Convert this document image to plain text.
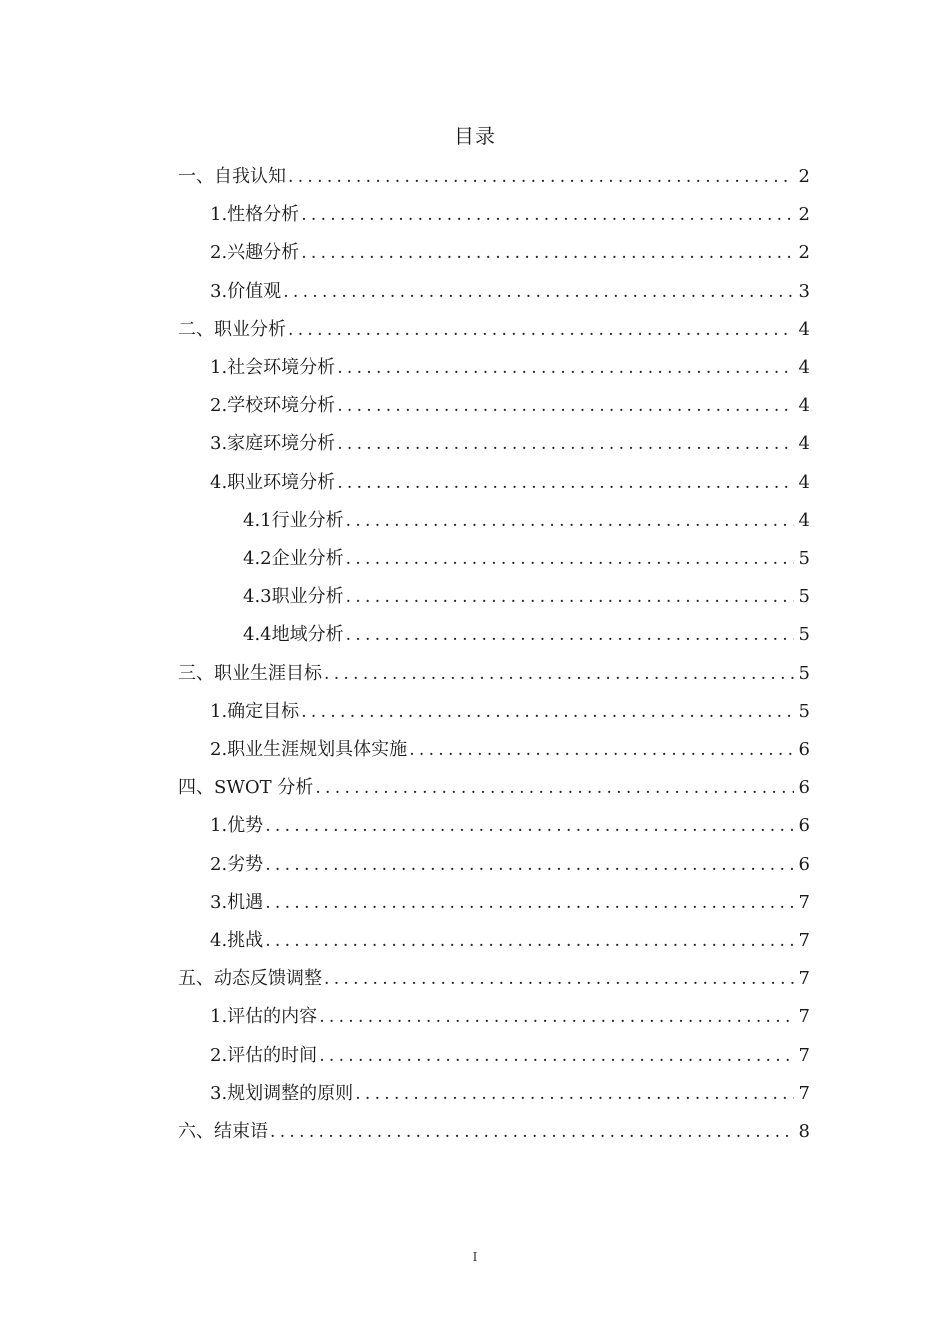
目录
一、自我认知 .....	2
1.性格分析 .....	2
2.兴趣分析 .....	2
3.价值观 .....	3
二、职业分析 .....	4
1.社会环境分析 .....	4
2.学校环境分析 .....	4
3.家庭环境分析 .....	4
4.职业环境分析 .....	4
4.1行业分析 .....	4
4.2企业分析 .....	5
4.3职业分析 .....	5
4.4地域分析 .....	5
三、职业生涯目标 .....	5
1.确定目标 .....	5
2.职业生涯规划具体实施 .....	6
四、SWOT 分析 .....	6
1.优势 .....	6
2.劣势 .....	6
3.机遇 .....	7
4.挑战 .....	7
五、动态反馈调整 .....	7
1.评估的内容 .....	7
2.评估的时间 .....	7
3.规划调整的原则 .....	7
六、结束语 .....	8
I
